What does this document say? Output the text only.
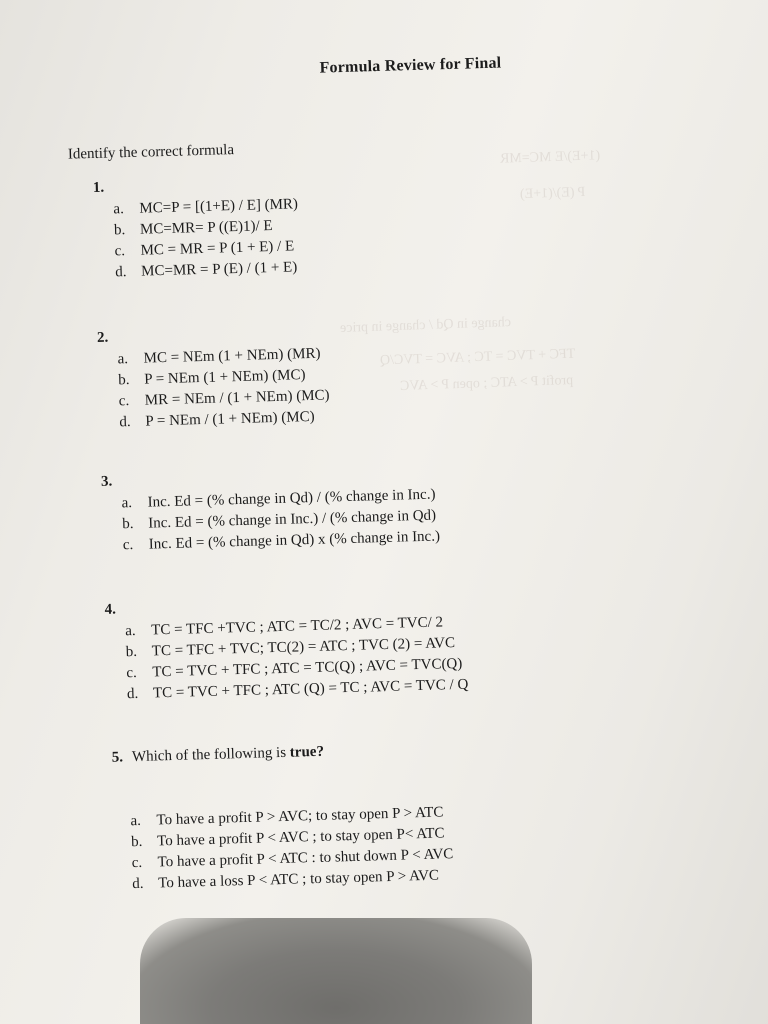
(1+E)/E MC=MR
P (E)/(1+E)
change in Qd / change in price
TFC + TVC = TC ; AVC = TVC/Q
profit P > ATC ; open P > AVC
Formula Review for Final
Identify the correct formula
1.
a. MC=P = [(1+E) / E] (MR)
b. MC=MR= P ((E)1)/ E
c. MC = MR = P (1 + E) / E
d. MC=MR = P (E) / (1 + E)
2.
a. MC = NEm (1 + NEm) (MR)
b. P = NEm (1 + NEm) (MC)
c. MR = NEm / (1 + NEm) (MC)
d. P = NEm / (1 + NEm) (MC)
3.
a. Inc. Ed = (% change in Qd) / (% change in Inc.)
b. Inc. Ed = (% change in Inc.) / (% change in Qd)
c. Inc. Ed = (% change in Qd) x (% change in Inc.)
4.
a. TC = TFC +TVC ; ATC = TC/2 ; AVC = TVC/ 2
b. TC = TFC + TVC; TC(2) = ATC ; TVC (2) = AVC
c. TC = TVC + TFC ; ATC = TC(Q) ; AVC = TVC(Q)
d. TC = TVC + TFC ; ATC (Q) = TC ; AVC = TVC / Q
5. Which of the following is true?
a. To have a profit P > AVC; to stay open P > ATC
b. To have a profit P < AVC ; to stay open P< ATC
c. To have a profit P < ATC : to shut down P < AVC
d. To have a loss P < ATC ; to stay open P > AVC
